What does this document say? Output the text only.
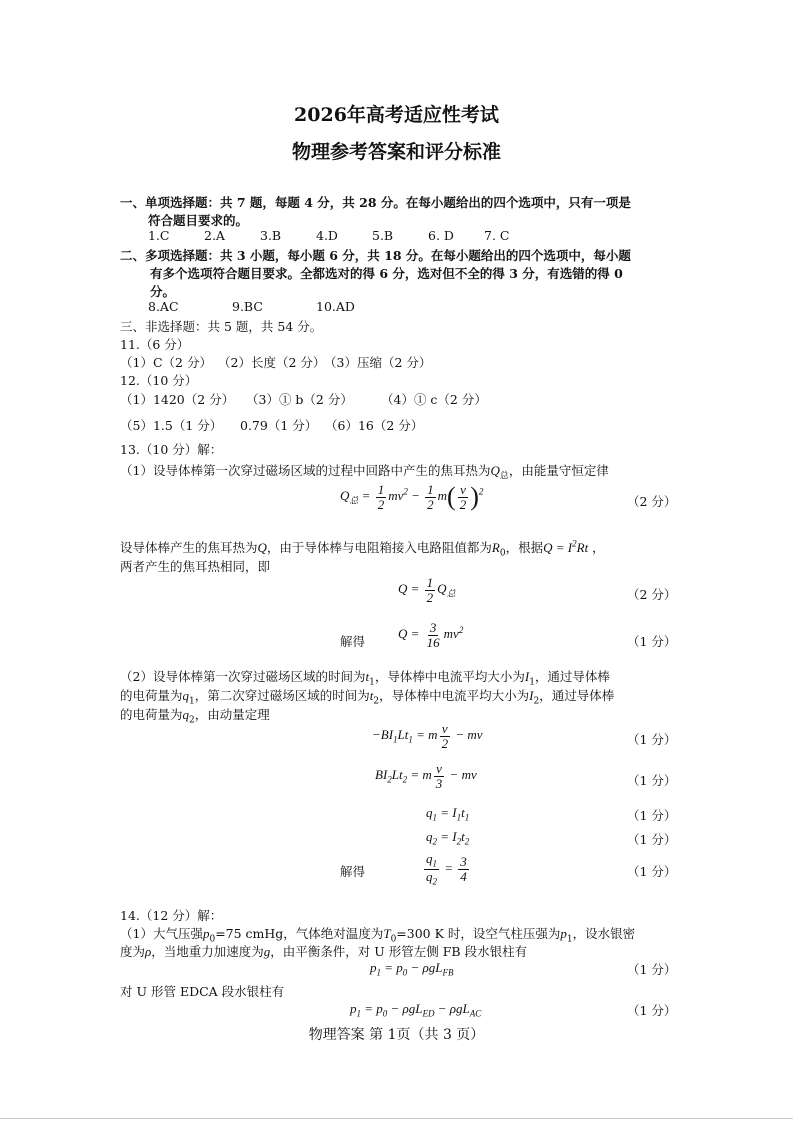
2026年高考适应性考试
物理参考答案和评分标准
一、单项选择题：共 7 题，每题 4 分，共 28 分。在每小题给出的四个选项中，只有一项是
符合题目要求的。
1.C	2.A	3.B	4.D	5.B	6. D 7. C
二、多项选择题：共 3 小题，每小题 6 分，共 18 分。在每小题给出的四个选项中，每小题
有多个选项符合题目要求。全都选对的得 6 分，选对但不全的得 3 分，有选错的得 0
分。
8.AC	9.BC	10.AD
三、非选择题：共 5 题，共 54 分。
11.（6 分）
（1）C（2 分） （2）长度（2 分）
（3）压缩（2 分）
12.（10 分）
（1）1420（2 分） （3）① b（2 分） （4）① c（2 分）
（5）1.5（1 分） 0.79（1 分） （6）16（2 分）
13.（10 分）解：
（1）设导体棒第一次穿过磁场区域的过程中回路中产生的焦耳热为$Q_总$，由能量守恒定律
$Q_总 = \frac{1}{2} mv^2 - \frac{1}{2} m( \frac{v}{2} )^2$
（2 分）
设导体棒产生的焦耳热为Q，由于导体棒与电阻箱接入电路阻值都为$R_0$，根据$Q = I^2Rt$ ，
两者产生的焦耳热相同，即
$Q = \frac{1}{2} Q_总$	（2 分）
解得
$Q = \frac{3}{16} mv^2$
（1 分）
（2）设导体棒第一次穿过磁场区域的时间为$t_1$，导体棒中电流平均大小为$I_1$，通过导体棒
的电荷量为$q_1$，第二次穿过磁场区域的时间为$t_2$，导体棒中电流平均大小为$I_2$，通过导体棒
的电荷量为$q_2$，由动量定理
$-BI_1Lt_1 = m \frac{v}{2}$ − mv	（1 分）
$BI_2Lt_2 = m \frac{v}{3}$ − mv	（1 分）
$q_1 = I_1t_1$	（1 分）
$q_2 = I_2t_2$	（1 分）
解得	$\frac{q_1}{q_2} = \frac{3}{4}$	（1 分）
14.（12 分）解：
（1）大气压强$p_0=75$ cmHg，气体绝对温度为$T_0=300$ K 时，设空气柱压强为$p_1$，设水银密
度为ρ，当地重力加速度为g，由平衡条件，对 U 形管左侧 FB 段水银柱有
$p_1 = p_0 - \rho gL_{FB}$	（1 分）
对 U 形管 EDCA 段水银柱有
$p_1 = p_0 - \rho gL_{ED} - \rho gL_{AC}$	（1 分）
物理答案 第 1页（共 3 页）
